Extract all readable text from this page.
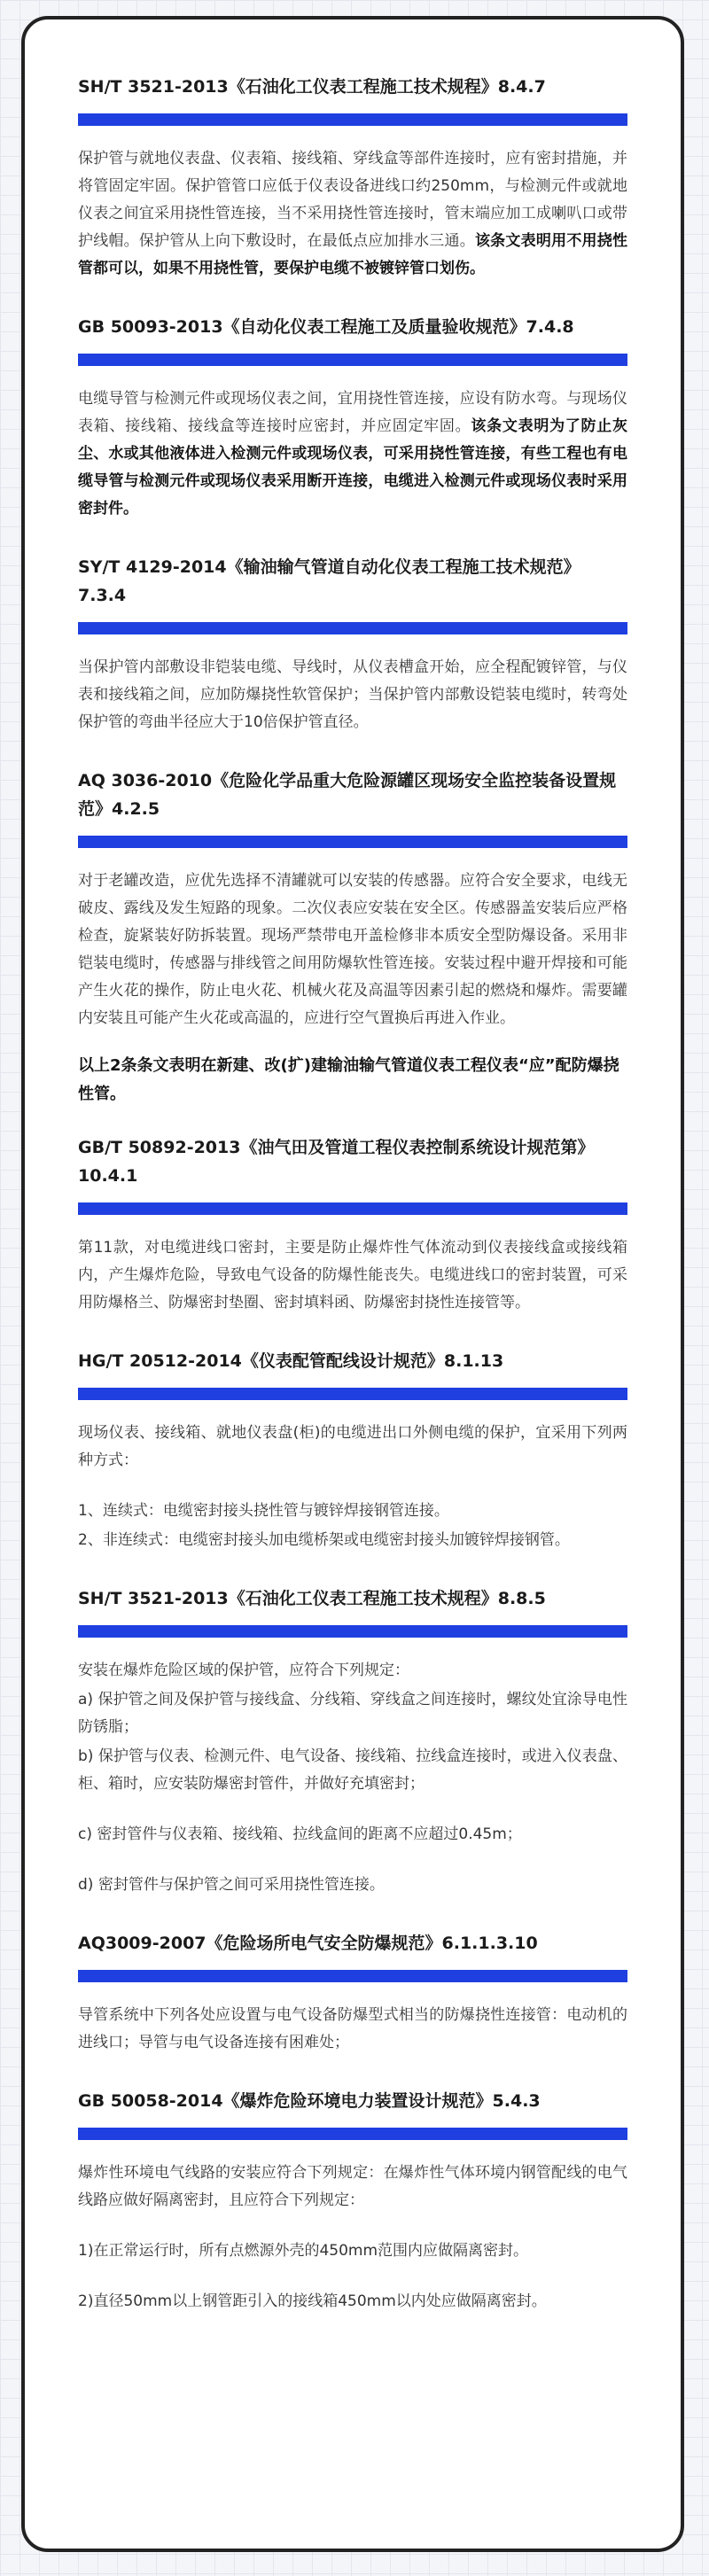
SH/T 3521-2013《石油化工仪表工程施工技术规程》8.4.7

保护管与就地仪表盘、仪表箱、接线箱、穿线盒等部件连接时，应有密封措施，并将管固定牢固。保护管管口应低于仪表设备进线口约250mm，与检测元件或就地仪表之间宜采用挠性管连接，当不采用挠性管连接时，管末端应加工成喇叭口或带护线帽。保护管从上向下敷设时，在最低点应加排水三通。该条文表明用不用挠性管都可以，如果不用挠性管，要保护电缆不被镀锌管口划伤。

GB 50093-2013《自动化仪表工程施工及质量验收规范》7.4.8

电缆导管与检测元件或现场仪表之间，宜用挠性管连接，应设有防水弯。与现场仪表箱、接线箱、接线盒等连接时应密封，并应固定牢固。该条文表明为了防止灰尘、水或其他液体进入检测元件或现场仪表，可采用挠性管连接，有些工程也有电缆导管与检测元件或现场仪表采用断开连接，电缆进入检测元件或现场仪表时采用密封件。

SY/T 4129-2014《输油输气管道自动化仪表工程施工技术规范》7.3.4

当保护管内部敷设非铠装电缆、导线时，从仪表槽盒开始，应全程配镀锌管，与仪表和接线箱之间，应加防爆挠性软管保护；当保护管内部敷设铠装电缆时，转弯处保护管的弯曲半径应大于10倍保护管直径。

AQ 3036-2010《危险化学品重大危险源罐区现场安全监控装备设置规范》4.2.5

对于老罐改造，应优先选择不清罐就可以安装的传感器。应符合安全要求，电线无破皮、露线及发生短路的现象。二次仪表应安装在安全区。传感器盖安装后应严格检查，旋紧装好防拆装置。现场严禁带电开盖检修非本质安全型防爆设备。采用非铠装电缆时，传感器与排线管之间用防爆软性管连接。安装过程中避开焊接和可能产生火花的操作，防止电火花、机械火花及高温等因素引起的燃烧和爆炸。需要罐内安装且可能产生火花或高温的，应进行空气置换后再进入作业。

以上2条条文表明在新建、改(扩)建输油输气管道仪表工程仪表“应”配防爆挠性管。
GB/T 50892-2013《油气田及管道工程仪表控制系统设计规范第》10.4.1

第11款，对电缆进线口密封，主要是防止爆炸性气体流动到仪表接线盒或接线箱内，产生爆炸危险，导致电气设备的防爆性能丧失。电缆进线口的密封装置，可采用防爆格兰、防爆密封垫圈、密封填料函、防爆密封挠性连接管等。

HG/T 20512-2014《仪表配管配线设计规范》8.1.13

现场仪表、接线箱、就地仪表盘(柜)的电缆进出口外侧电缆的保护，宜采用下列两种方式：

1、连续式：电缆密封接头挠性管与镀锌焊接钢管连接。

2、非连续式：电缆密封接头加电缆桥架或电缆密封接头加镀锌焊接钢管。

SH/T 3521-2013《石油化工仪表工程施工技术规程》8.8.5

安装在爆炸危险区域的保护管，应符合下列规定：

a) 保护管之间及保护管与接线盒、分线箱、穿线盒之间连接时，螺纹处宜涂导电性防锈脂；

b) 保护管与仪表、检测元件、电气设备、接线箱、拉线盒连接时，或进入仪表盘、柜、箱时，应安装防爆密封管件，并做好充填密封；

c) 密封管件与仪表箱、接线箱、拉线盒间的距离不应超过0.45m；

d) 密封管件与保护管之间可采用挠性管连接。

AQ3009-2007《危险场所电气安全防爆规范》6.1.1.3.10

导管系统中下列各处应设置与电气设备防爆型式相当的防爆挠性连接管：电动机的进线口；导管与电气设备连接有困难处；

GB 50058-2014《爆炸危险环境电力装置设计规范》5.4.3

爆炸性环境电气线路的安装应符合下列规定：在爆炸性气体环境内钢管配线的电气线路应做好隔离密封，且应符合下列规定：

1)在正常运行时，所有点燃源外壳的450mm范围内应做隔离密封。

2)直径50mm以上钢管距引入的接线箱450mm以内处应做隔离密封。
